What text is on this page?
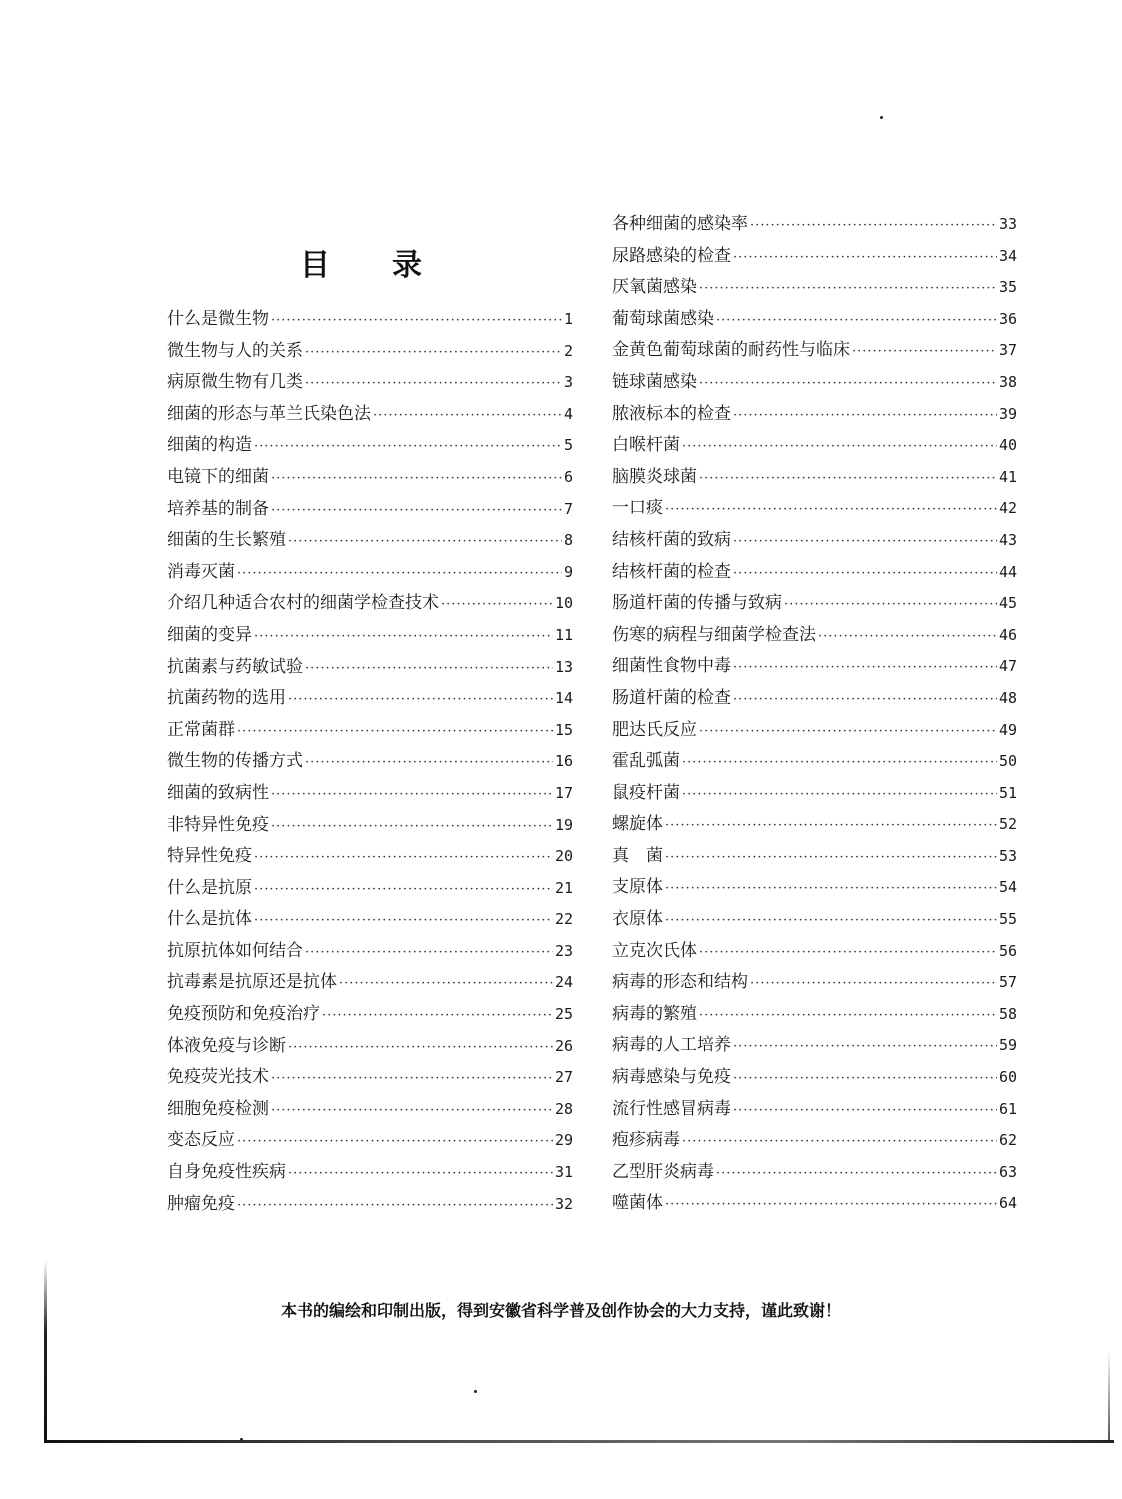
目录
什么是微生物 ·····	1
微生物与人的关系 ·····	2
病原微生物有几类 ·····	3
细菌的形态与革兰氏染色法 ·····	4
细菌的构造 ·····	5
电镜下的细菌 ·····	6
培养基的制备 ·····	7
细菌的生长繁殖 ·····	8
消毒灭菌 ·····	9
介绍几种适合农村的细菌学检查技术 ·····	10
细菌的变异 ·····	11
抗菌素与药敏试验 ·····	13
抗菌药物的选用 ·····	14
正常菌群 ·····	15
微生物的传播方式 ·····	16
细菌的致病性 ·····	17
非特异性免疫 ·····	19
特异性免疫 ·····	20
什么是抗原 ·····	21
什么是抗体 ·····	22
抗原抗体如何结合 ·····	23
抗毒素是抗原还是抗体 ·····	24
免疫预防和免疫治疗 ·····	25
体液免疫与诊断 ·····	26
免疫荧光技术 ·····	27
细胞免疫检测 ·····	28
变态反应 ·····	29
自身免疫性疾病 ·····	31
肿瘤免疫 ·····	32
各种细菌的感染率 ·····	33
尿路感染的检查 ·····	34
厌氧菌感染 ·····	35
葡萄球菌感染 ·····	36
金黄色葡萄球菌的耐药性与临床 ·····	37
链球菌感染 ·····	38
脓液标本的检查 ·····	39
白喉杆菌 ·····	40
脑膜炎球菌 ·····	41
一口痰 ·····	42
结核杆菌的致病 ·····	43
结核杆菌的检查 ·····	44
肠道杆菌的传播与致病 ·····	45
伤寒的病程与细菌学检查法 ·····	46
细菌性食物中毒 ·····	47
肠道杆菌的检查 ·····	48
肥达氏反应 ·····	49
霍乱弧菌 ·····	50
鼠疫杆菌 ·····	51
螺旋体 ·····	52
真　菌 ·····	53
支原体 ·····	54
衣原体 ·····	55
立克次氏体 ·····	56
病毒的形态和结构 ·····	57
病毒的繁殖 ·····	58
病毒的人工培养 ·····	59
病毒感染与免疫 ·····	60
流行性感冒病毒 ·····	61
疱疹病毒 ·····	62
乙型肝炎病毒 ·····	63
噬菌体 ·····	64
本书的编绘和印制出版，得到安徽省科学普及创作协会的大力支持，谨此致谢！
